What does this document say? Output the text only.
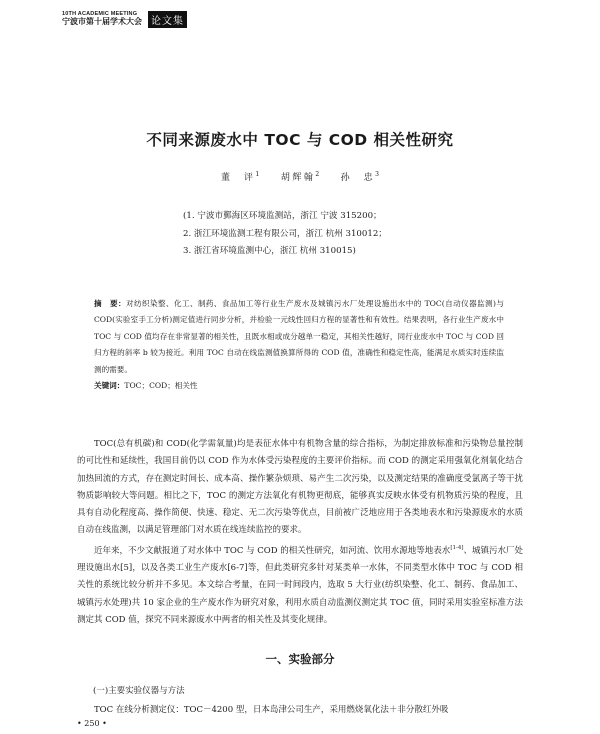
10TH ACADEMIC MEETING
宁波市第十届学术大会 论文集
不同来源废水中 TOC 与 COD 相关性研究
董　评$^1$ 胡辉翰$^2$ 孙　忠$^3$
(1. 宁波市鄞海区环境监测站，浙江 宁波 315200；
2. 浙江环境监测工程有限公司，浙江 杭州 310012；
3. 浙江省环境监测中心，浙江 杭州 310015)
摘　要：对纺织染整、化工、制药、食品加工等行业生产废水及城镇污水厂处理设施出水中的 TOC(自动仪器监测)与 COD(实验室手工分析)测定值进行同步分析，并检验一元线性回归方程的显著性和有效性。结果表明，各行业生产废水中 TOC 与 COD 值均存在非常显著的相关性，且既水相或成分越单一稳定，其相关性越好，同行业废水中 TOC 与 COD 回归方程的斜率 b 较为接近。利用 TOC 自动在线监测值换算所得的 COD 值，准确性和稳定性高，能满足水质实时连续监测的需要。
关键词：TOC；COD；相关性

TOC(总有机碳)和 COD(化学需氧量)均是表征水体中有机物含量的综合指标，为制定排放标准和污染物总量控制的可比性和延续性，我国目前仍以 COD 作为水体受污染程度的主要评价指标。而 COD 的测定采用强氧化剂氧化结合加热回流的方式，存在测定时间长、成本高、操作繁杂烦琐、易产生二次污染，以及测定结果的准确度受氯离子等干扰物质影响较大等问题。相比之下，TOC 的测定方法氧化有机物更彻底，能够真实反映水体受有机物质污染的程度，且具有自动化程度高、操作简便、快速、稳定、无二次污染等优点，目前被广泛地应用于各类地表水和污染源废水的水质自动在线监测，以满足管理部门对水质在线连续监控的要求。

近年来，不少文献报道了对水体中 TOC 与 COD 的相关性研究，如河流、饮用水源地等地表水[1-4]、城镇污水厂处理设施出水[5]，以及各类工业生产废水[6-7]等，但此类研究多针对某类单一水体，不同类型水体中 TOC 与 COD 相关性的系统比较分析并不多见。本文综合考量，在同一时间段内，选取 5 大行业(纺织染整、化工、制药、食品加工、城镇污水处理)共 10 家企业的生产废水作为研究对象，利用水质自动监测仪测定其 TOC 值，同时采用实验室标准方法测定其 COD 值，探究不同来源废水中两者的相关性及其变化规律。

一、实验部分
(一)主要实验仪器与方法
TOC 在线分析测定仪：TOC－4200 型，日本岛津公司生产，采用燃烧氧化法＋非分散红外吸
• 250 •
